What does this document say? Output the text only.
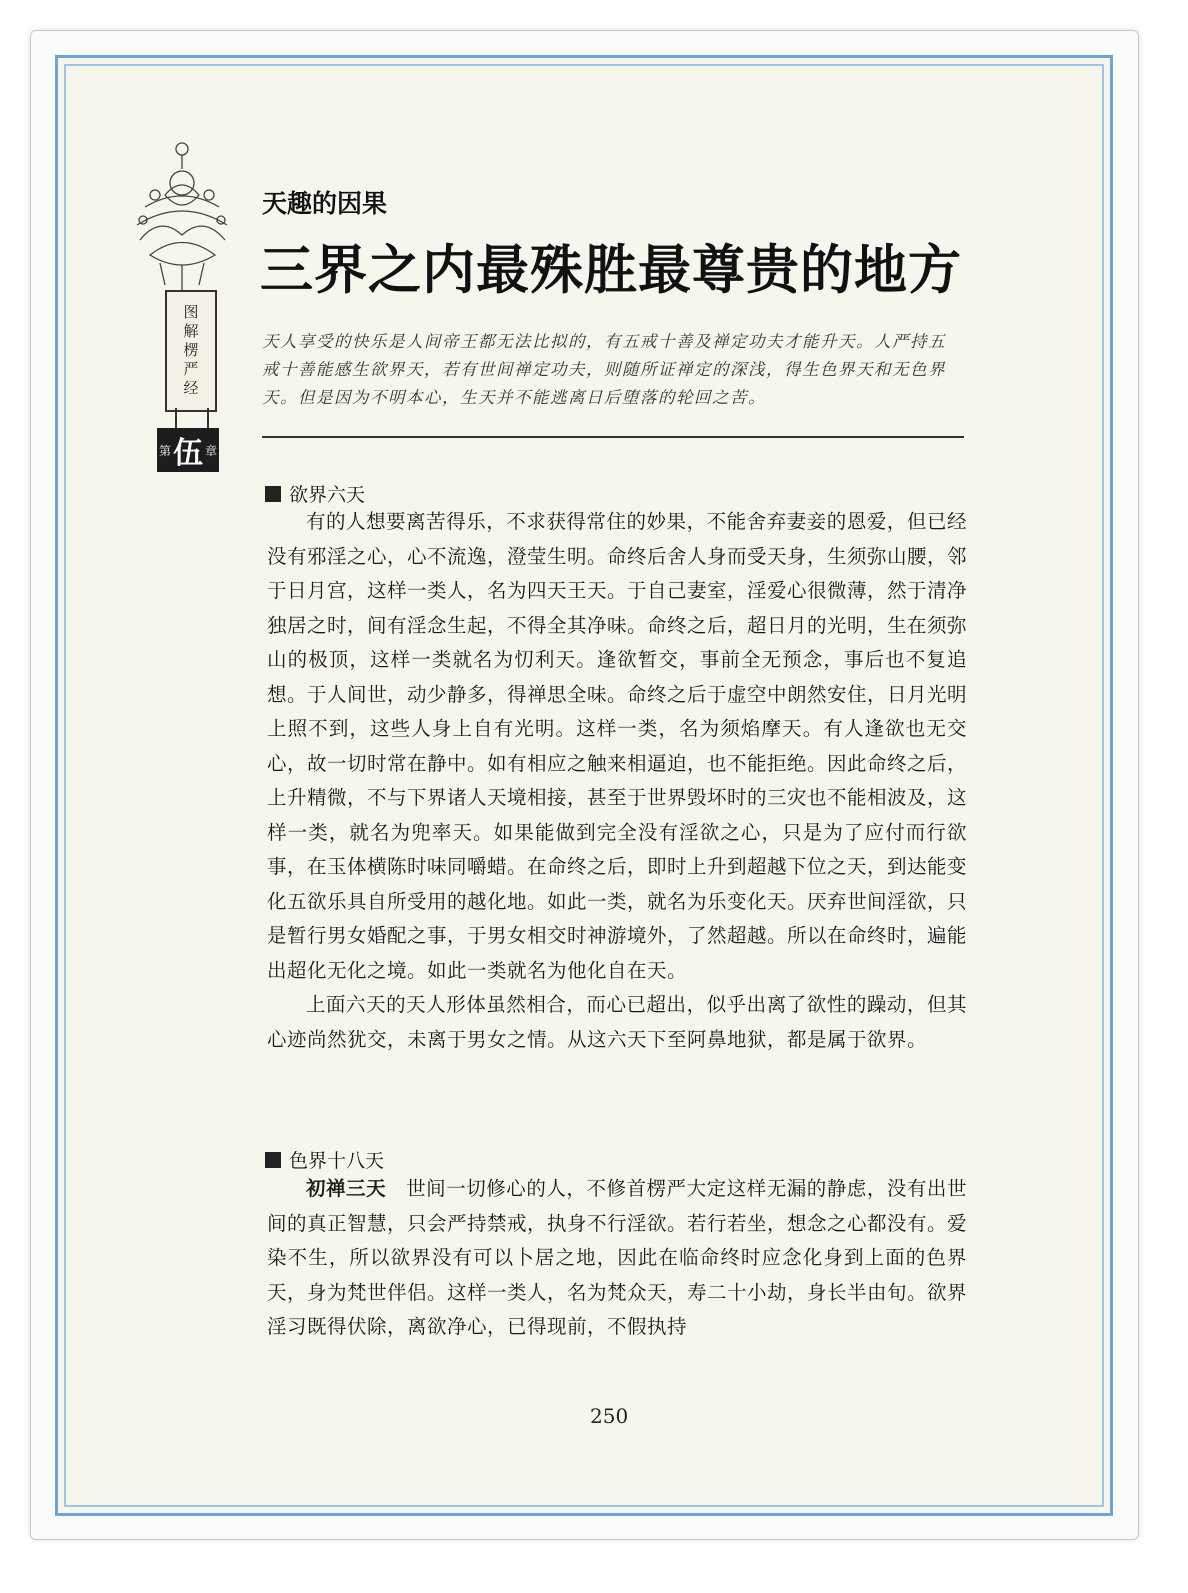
图解楞严经
第 伍 章
天趣的因果
三界之内最殊胜最尊贵的地方
天人享受的快乐是人间帝王都无法比拟的，有五戒十善及禅定功夫才能升天。人严持五戒十善能感生欲界天，若有世间禅定功夫，则随所证禅定的深浅，得生色界天和无色界天。但是因为不明本心，生天并不能逃离日后堕落的轮回之苦。
欲界六天

有的人想要离苦得乐，不求获得常住的妙果，不能舍弃妻妾的恩爱，但已经没有邪淫之心，心不流逸，澄莹生明。命终后舍人身而受天身，生须弥山腰，邻于日月宫，这样一类人，名为四天王天。于自己妻室，淫爱心很微薄，然于清净独居之时，间有淫念生起，不得全其净味。命终之后，超日月的光明，生在须弥山的极顶，这样一类就名为忉利天。逢欲暂交，事前全无预念，事后也不复追想。于人间世，动少静多，得禅思全味。命终之后于虚空中朗然安住，日月光明上照不到，这些人身上自有光明。这样一类，名为须焰摩天。有人逢欲也无交心，故一切时常在静中。如有相应之触来相逼迫，也不能拒绝。因此命终之后，上升精微，不与下界诸人天境相接，甚至于世界毁坏时的三灾也不能相波及，这样一类，就名为兜率天。如果能做到完全没有淫欲之心，只是为了应付而行欲事，在玉体横陈时味同嚼蜡。在命终之后，即时上升到超越下位之天，到达能变化五欲乐具自所受用的越化地。如此一类，就名为乐变化天。厌弃世间淫欲，只是暂行男女婚配之事，于男女相交时神游境外，了然超越。所以在命终时，遍能出超化无化之境。如此一类就名为他化自在天。

上面六天的天人形体虽然相合，而心已超出，似乎出离了欲性的躁动，但其心迹尚然犹交，未离于男女之情。从这六天下至阿鼻地狱，都是属于欲界。

色界十八天

初禅三天　 世间一切修心的人，不修首楞严大定这样无漏的静虑，没有出世间的真正智慧，只会严持禁戒，执身不行淫欲。若行若坐，想念之心都没有。爱染不生，所以欲界没有可以卜居之地，因此在临命终时应念化身到上面的色界天，身为梵世伴侣。这样一类人，名为梵众天，寿二十小劫，身长半由旬。欲界淫习既得伏除，离欲净心，已得现前，不假执持

250
